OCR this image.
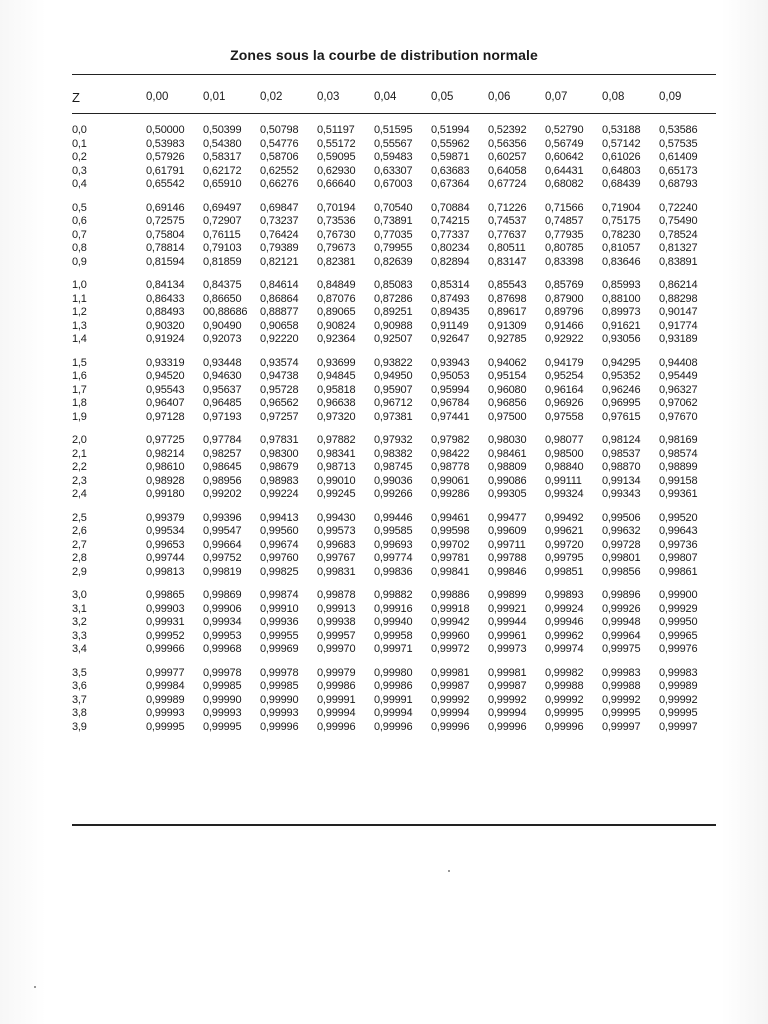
Zones sous la courbe de distribution normale
Z	0,00	0,01	0,02	0,03	0,04	0,05	0,06	0,07	0,08	0,09

0,0	0,50000	0,50399	0,50798	0,51197	0,51595	0,51994	0,52392	0,52790	0,53188	0,53586
0,1	0,53983	0,54380	0,54776	0,55172	0,55567	0,55962	0,56356	0,56749	0,57142	0,57535
0,2	0,57926	0,58317	0,58706	0,59095	0,59483	0,59871	0,60257	0,60642	0,61026	0,61409
0,3	0,61791	0,62172	0,62552	0,62930	0,63307	0,63683	0,64058	0,64431	0,64803	0,65173
0,4	0,65542	0,65910	0,66276	0,66640	0,67003	0,67364	0,67724	0,68082	0,68439	0,68793

0,5	0,69146	0,69497	0,69847	0,70194	0,70540	0,70884	0,71226	0,71566	0,71904	0,72240
0,6	0,72575	0,72907	0,73237	0,73536	0,73891	0,74215	0,74537	0,74857	0,75175	0,75490
0,7	0,75804	0,76115	0,76424	0,76730	0,77035	0,77337	0,77637	0,77935	0,78230	0,78524
0,8	0,78814	0,79103	0,79389	0,79673	0,79955	0,80234	0,80511	0,80785	0,81057	0,81327
0,9	0,81594	0,81859	0,82121	0,82381	0,82639	0,82894	0,83147	0,83398	0,83646	0,83891

1,0	0,84134	0,84375	0,84614	0,84849	0,85083	0,85314	0,85543	0,85769	0,85993	0,86214
1,1	0,86433	0,86650	0,86864	0,87076	0,87286	0,87493	0,87698	0,87900	0,88100	0,88298
1,2	0,88493	00,88686	0,88877	0,89065	0,89251	0,89435	0,89617	0,89796	0,89973	0,90147
1,3	0,90320	0,90490	0,90658	0,90824	0,90988	0,91149	0,91309	0,91466	0,91621	0,91774
1,4	0,91924	0,92073	0,92220	0,92364	0,92507	0,92647	0,92785	0,92922	0,93056	0,93189

1,5	0,93319	0,93448	0,93574	0,93699	0,93822	0,93943	0,94062	0,94179	0,94295	0,94408
1,6	0,94520	0,94630	0,94738	0,94845	0,94950	0,95053	0,95154	0,95254	0,95352	0,95449
1,7	0,95543	0,95637	0,95728	0,95818	0,95907	0,95994	0,96080	0,96164	0,96246	0,96327
1,8	0,96407	0,96485	0,96562	0,96638	0,96712	0,96784	0,96856	0,96926	0,96995	0,97062
1,9	0,97128	0,97193	0,97257	0,97320	0,97381	0,97441	0,97500	0,97558	0,97615	0,97670

2,0	0,97725	0,97784	0,97831	0,97882	0,97932	0,97982	0,98030	0,98077	0,98124	0,98169
2,1	0,98214	0,98257	0,98300	0,98341	0,98382	0,98422	0,98461	0,98500	0,98537	0,98574
2,2	0,98610	0,98645	0,98679	0,98713	0,98745	0,98778	0,98809	0,98840	0,98870	0,98899
2,3	0,98928	0,98956	0,98983	0,99010	0,99036	0,99061	0,99086	0,99111	0,99134	0,99158
2,4	0,99180	0,99202	0,99224	0,99245	0,99266	0,99286	0,99305	0,99324	0,99343	0,99361

2,5	0,99379	0,99396	0,99413	0,99430	0,99446	0,99461	0,99477	0,99492	0,99506	0,99520
2,6	0,99534	0,99547	0,99560	0,99573	0,99585	0,99598	0,99609	0,99621	0,99632	0,99643
2,7	0,99653	0,99664	0,99674	0,99683	0,99693	0,99702	0,99711	0,99720	0,99728	0,99736
2,8	0,99744	0,99752	0,99760	0,99767	0,99774	0,99781	0,99788	0,99795	0,99801	0,99807
2,9	0,99813	0,99819	0,99825	0,99831	0,99836	0,99841	0,99846	0,99851	0,99856	0,99861

3,0	0,99865	0,99869	0,99874	0,99878	0,99882	0,99886	0,99899	0,99893	0,99896	0,99900
3,1	0,99903	0,99906	0,99910	0,99913	0,99916	0,99918	0,99921	0,99924	0,99926	0,99929
3,2	0,99931	0,99934	0,99936	0,99938	0,99940	0,99942	0,99944	0,99946	0,99948	0,99950
3,3	0,99952	0,99953	0,99955	0,99957	0,99958	0,99960	0,99961	0,99962	0,99964	0,99965
3,4	0,99966	0,99968	0,99969	0,99970	0,99971	0,99972	0,99973	0,99974	0,99975	0,99976

3,5	0,99977	0,99978	0,99978	0,99979	0,99980	0,99981	0,99981	0,99982	0,99983	0,99983
3,6	0,99984	0,99985	0,99985	0,99986	0,99986	0,99987	0,99987	0,99988	0,99988	0,99989
3,7	0,99989	0,99990	0,99990	0,99991	0,99991	0,99992	0,99992	0,99992	0,99992	0,99992
3,8	0,99993	0,99993	0,99993	0,99994	0,99994	0,99994	0,99994	0,99995	0,99995	0,99995
3,9	0,99995	0,99995	0,99996	0,99996	0,99996	0,99996	0,99996	0,99996	0,99997	0,99997
